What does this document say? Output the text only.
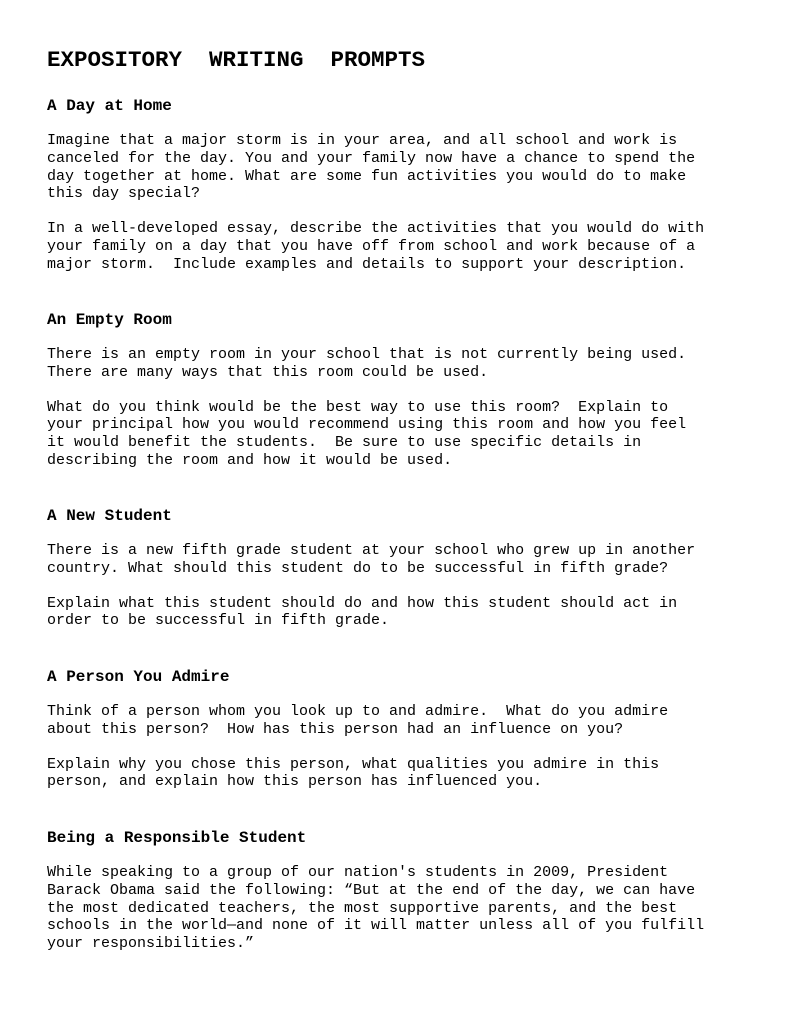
EXPOSITORY  WRITING  PROMPTS
A Day at Home

Imagine that a major storm is in your area, and all school and work is
canceled for the day. You and your family now have a chance to spend the
day together at home. What are some fun activities you would do to make
this day special?

In a well-developed essay, describe the activities that you would do with
your family on a day that you have off from school and work because of a
major storm.  Include examples and details to support your description.

An Empty Room

There is an empty room in your school that is not currently being used.
There are many ways that this room could be used.

What do you think would be the best way to use this room?  Explain to
your principal how you would recommend using this room and how you feel
it would benefit the students.  Be sure to use specific details in
describing the room and how it would be used.

A New Student

There is a new fifth grade student at your school who grew up in another
country. What should this student do to be successful in fifth grade?

Explain what this student should do and how this student should act in
order to be successful in fifth grade.

A Person You Admire

Think of a person whom you look up to and admire.  What do you admire
about this person?  How has this person had an influence on you?

Explain why you chose this person, what qualities you admire in this
person, and explain how this person has influenced you.

Being a Responsible Student

While speaking to a group of our nation's students in 2009, President
Barack Obama said the following: “But at the end of the day, we can have
the most dedicated teachers, the most supportive parents, and the best
schools in the world—and none of it will matter unless all of you fulfill
your responsibilities.”
